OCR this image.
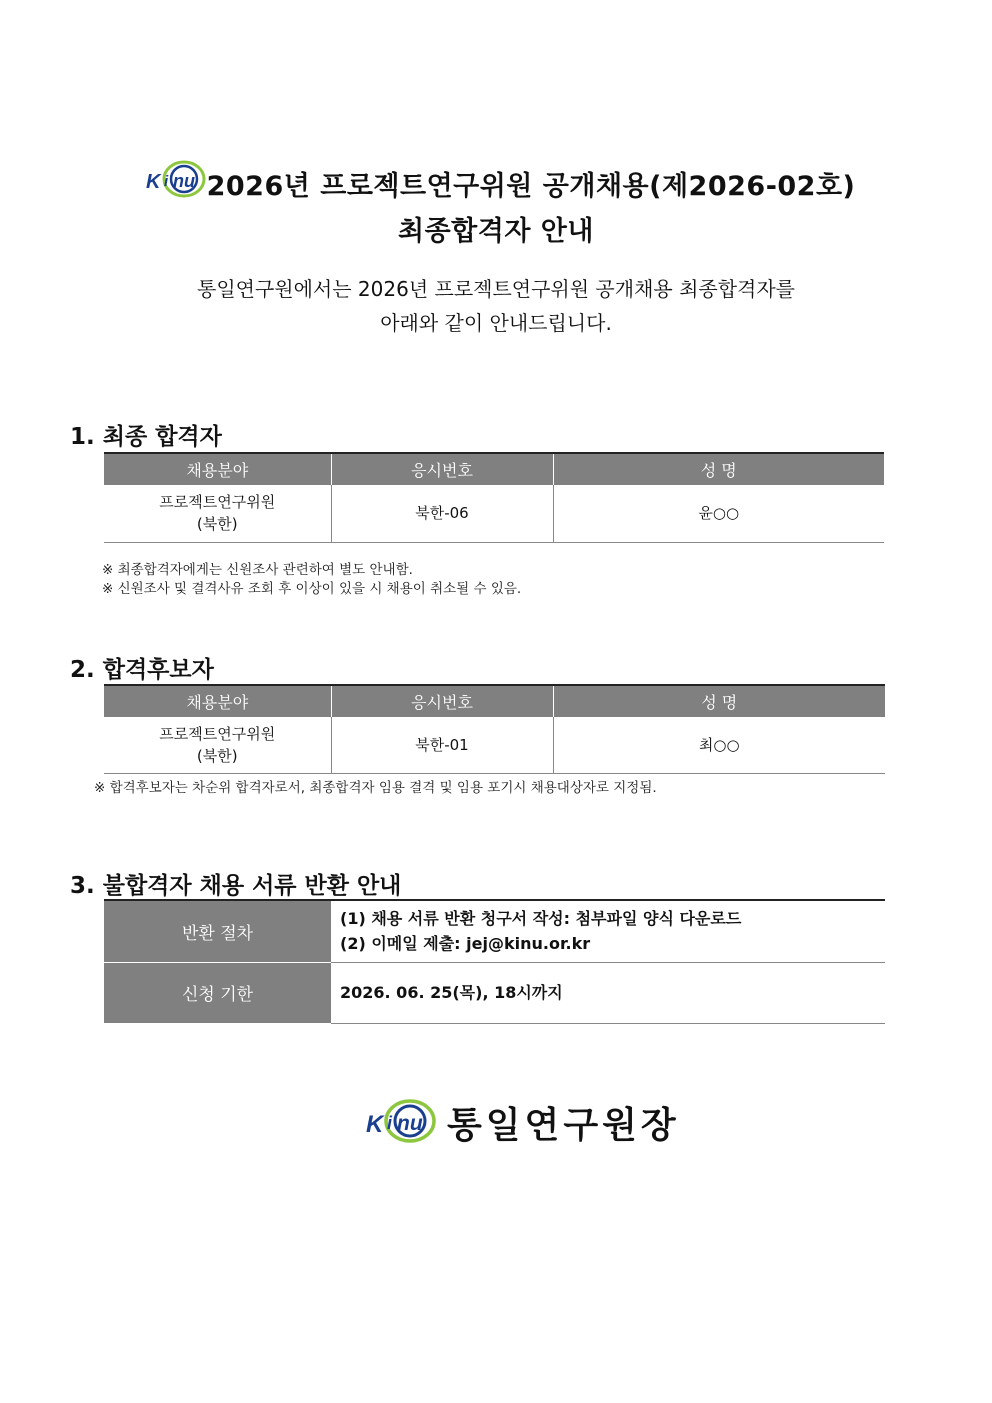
K i nu 2026년 프로젝트연구위원 공개채용(제2026-02호)
최종합격자 안내
통일연구원에서는 2026년 프로젝트연구위원 공개채용 최종합격자를
아래와 같이 안내드립니다.
1. 최종 합격자
채용분야	응시번호	성 명

프로젝트연구위원
(북한)	북한-06	윤○○
※ 최종합격자에게는 신원조사 관련하여 별도 안내함.
※ 신원조사 및 결격사유 조회 후 이상이 있을 시 채용이 취소될 수 있음.
2. 합격후보자
채용분야	응시번호	성 명

프로젝트연구위원
(북한)	북한-01	최○○
※ 합격후보자는 차순위 합격자로서, 최종합격자 임용 결격 및 임용 포기시 채용대상자로 지정됨.
3. 불합격자 채용 서류 반환 안내
반환 절차	(1) 채용 서류 반환 청구서 작성: 첨부파일 양식 다운로드
(2) 이메일 제출: jej@kinu.or.kr

신청 기한	2026. 06. 25(목), 18시까지
K i nu 통일연구원장
